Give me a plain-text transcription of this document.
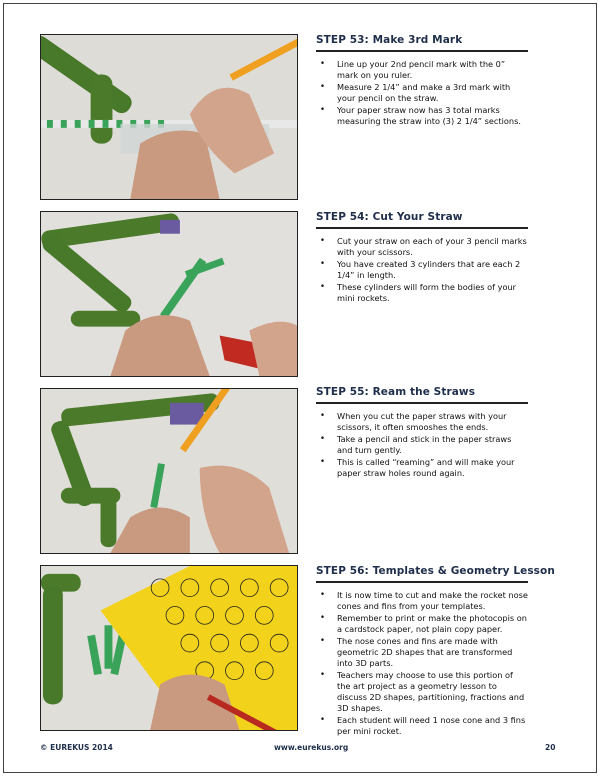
STEP 53: Make 3rd Mark
• Line up your 2nd pencil mark with the 0” mark on you ruler.
• Measure 2 1/4” and make a 3rd mark with your pencil on the straw.
• Your paper straw now has 3 total marks measuring the straw into (3) 2 1/4” sections.
STEP 54: Cut Your Straw
• Cut your straw on each of your 3 pencil marks with your scissors.
• You have created 3 cylinders that are each 2 1/4” in length.
• These cylinders will form the bodies of your mini rockets.
STEP 55: Ream the Straws
• When you cut the paper straws with your scissors, it often smooshes the ends.
• Take a pencil and stick in the paper straws and turn gently.
• This is called “reaming” and will make your paper straw holes round again.
STEP 56: Templates & Geometry Lesson
• It is now time to cut and make the rocket nose cones and fins from your templates.
• Remember to print or make the photocopis on a cardstock paper, not plain copy paper.
• The nose cones and fins are made with geometric 2D shapes that are transformed into 3D parts.
• Teachers may choose to use this portion of the art project as a geometry lesson to discuss 2D shapes, partitioning, fractions and 3D shapes.
• Each student will need 1 nose cone and 3 fins per mini rocket.
© EUREKUS 2014	www.eurekus.org	20
